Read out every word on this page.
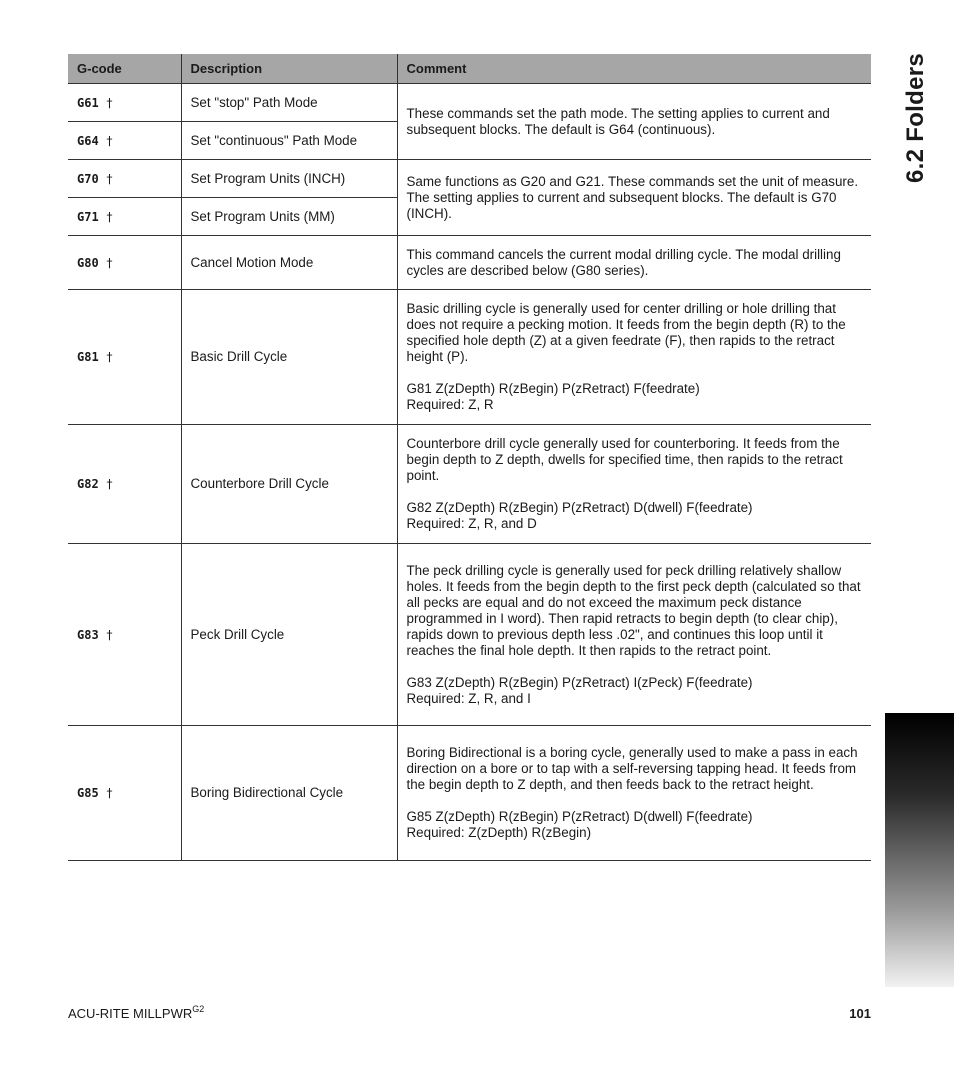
G-code	Description	Comment
G61 †	Set "stop" Path Mode	These commands set the path mode. The setting applies to current and subsequent blocks. The default is G64 (continuous).

G64 †	Set "continuous" Path Mode	
G70 †	Set Program Units (INCH)	Same functions as G20 and G21. These commands set the unit of measure. The setting applies to current and subsequent blocks. The default is G70 (INCH).

G71 †	Set Program Units (MM)	
G80 †	Cancel Motion Mode	This command cancels the current modal drilling cycle. The modal drilling cycles are described below (G80 series).

G81 †	Basic Drill Cycle	Basic drilling cycle is generally used for center drilling or hole drilling that does not require a pecking motion. It feeds from the begin depth (R) to the specified hole depth (Z) at a given feedrate (F), then rapids to the retract height (P).

G81 Z(zDepth) R(zBegin) P(zRetract) F(feedrate)
Required: Z, R

G82 †	Counterbore Drill Cycle	Counterbore drill cycle generally used for counterboring. It feeds from the begin depth to Z depth, dwells for specified time, then rapids to the retract point.

G82 Z(zDepth) R(zBegin) P(zRetract) D(dwell) F(feedrate)
Required: Z, R, and D

G83 †	Peck Drill Cycle	The peck drilling cycle is generally used for peck drilling relatively shallow holes. It feeds from the begin depth to the first peck depth (calculated so that all pecks are equal and do not exceed the maximum peck distance programmed in I word). Then rapid retracts to begin depth (to clear chip), rapids down to previous depth less .02", and continues this loop until it reaches the final hole depth. It then rapids to the retract point.

G83 Z(zDepth) R(zBegin) P(zRetract) I(zPeck) F(feedrate)
Required: Z, R, and I

G85 †	Boring Bidirectional Cycle	Boring Bidirectional is a boring cycle, generally used to make a pass in each direction on a bore or to tap with a self-reversing tapping head. It feeds from the begin depth to Z depth, and then feeds back to the retract height.

G85 Z(zDepth) R(zBegin) P(zRetract) D(dwell) F(feedrate)
Required: Z(zDepth) R(zBegin)

6.2 Folders
ACU-RITE $MILLPWR^{G2}$	101
